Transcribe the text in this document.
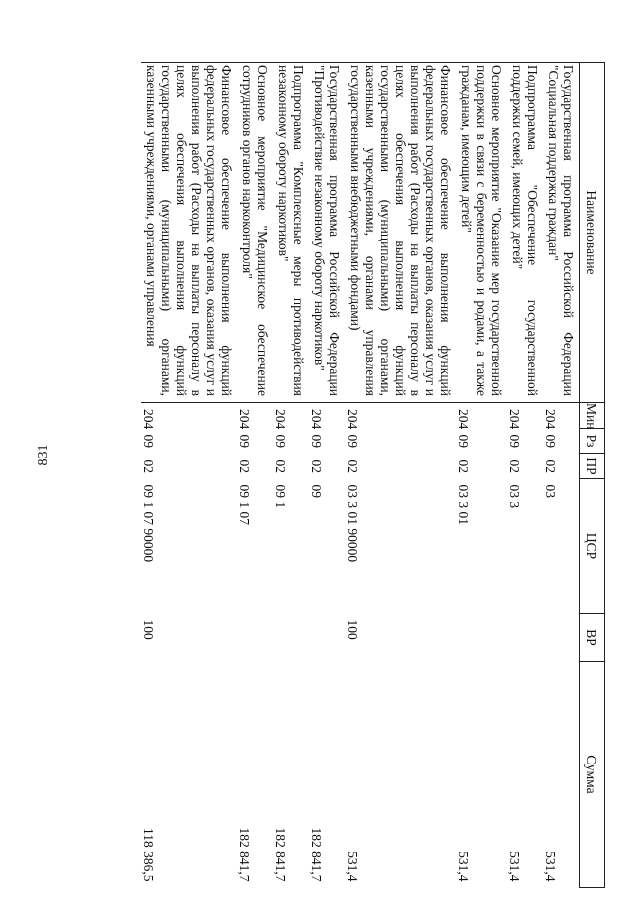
831
Наименование	Мин	Рз	ПР	ЦСР	ВР	Сумма
Государственная программа Российской Федерации "Социальная поддержка граждан"	204	09	02	03		531,4
Подпрограмма "Обеспечение государственной поддержки семей, имеющих детей"	204	09	02	03 3		531,4
Основное мероприятие "Оказание мер государственной поддержки в связи с беременностью и родами, а также гражданам, имеющим детей"	204	09	02	03 3 01		531,4
Финансовое обеспечение выполнения функций федеральных государственных органов, оказания услуг и выполнения работ (Расходы на выплаты персоналу в целях обеспечения выполнения функций государственными (муниципальными) органами, казенными учреждениями, органами управления государственными внебюджетными фондами)	204	09	02	03 3 01 90000	100	531,4
Государственная программа Российской Федерации "Противодействие незаконному обороту наркотиков"	204	09	02	09		182 841,7
Подпрограмма "Комплексные меры противодействия незаконному обороту наркотиков"	204	09	02	09 1		182 841,7
Основное мероприятие "Медицинское обеспечение сотрудников органов наркоконтроля"	204	09	02	09 1 07		182 841,7
Финансовое обеспечение выполнения функций федеральных государственных органов, оказания услуг и выполнения работ (Расходы на выплаты персоналу в целях обеспечения выполнения функций государственными (муниципальными) органами, казенными учреждениями, органами управления	204	09	02	09 1 07 90000	100	118 386,5
